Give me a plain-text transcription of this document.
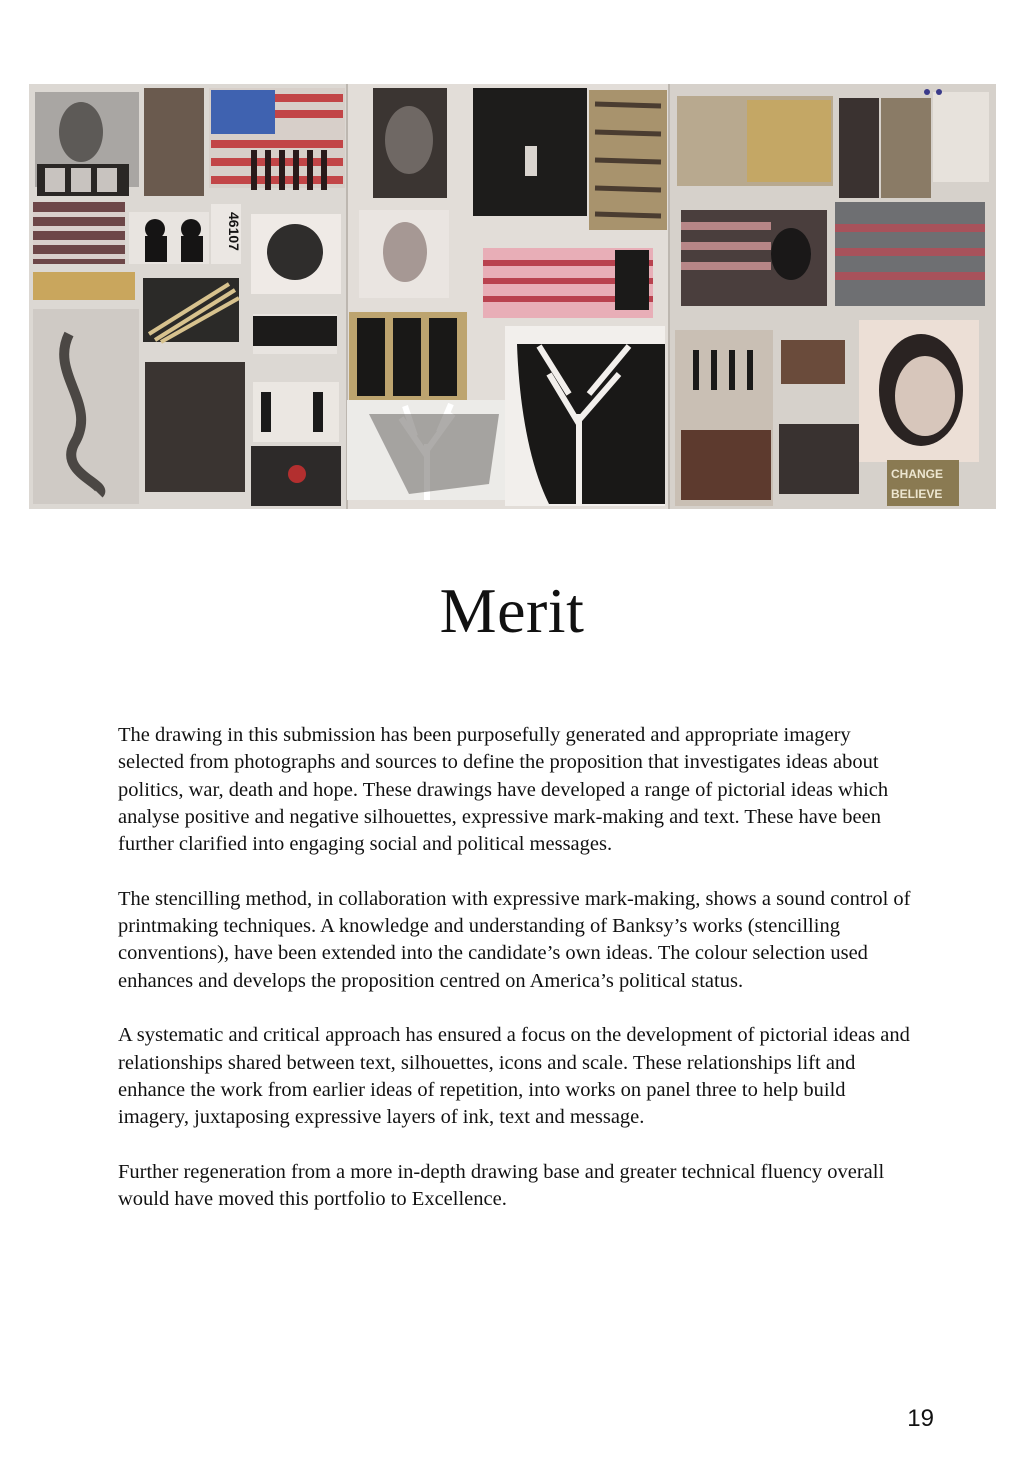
46107
CHANGE
BELIEVE
Merit

The drawing in this submission has been purposefully generated and appropriate imagery selected from photographs and sources to define the proposition that investigates ideas about politics, war, death and hope. These drawings have developed a range of pictorial ideas which analyse positive and negative silhouettes, expressive mark-making and text. These have been further clarified into engaging social and political messages.

The stencilling method, in collaboration with expressive mark-making, shows a sound control of printmaking techniques. A knowledge and understanding of Banksy’s works (stencilling conventions), have been extended into the candidate’s own ideas. The colour selection used enhances and develops the proposition centred on America’s political status.

A systematic and critical approach has ensured a focus on the development of pictorial ideas and relationships shared between text, silhouettes, icons and scale. These relationships lift and enhance the work from earlier ideas of repetition, into works on panel three to help build imagery, juxtaposing expressive layers of ink, text and message.

Further regeneration from a more in-depth drawing base and greater technical fluency overall would have moved this portfolio to Excellence.

19
